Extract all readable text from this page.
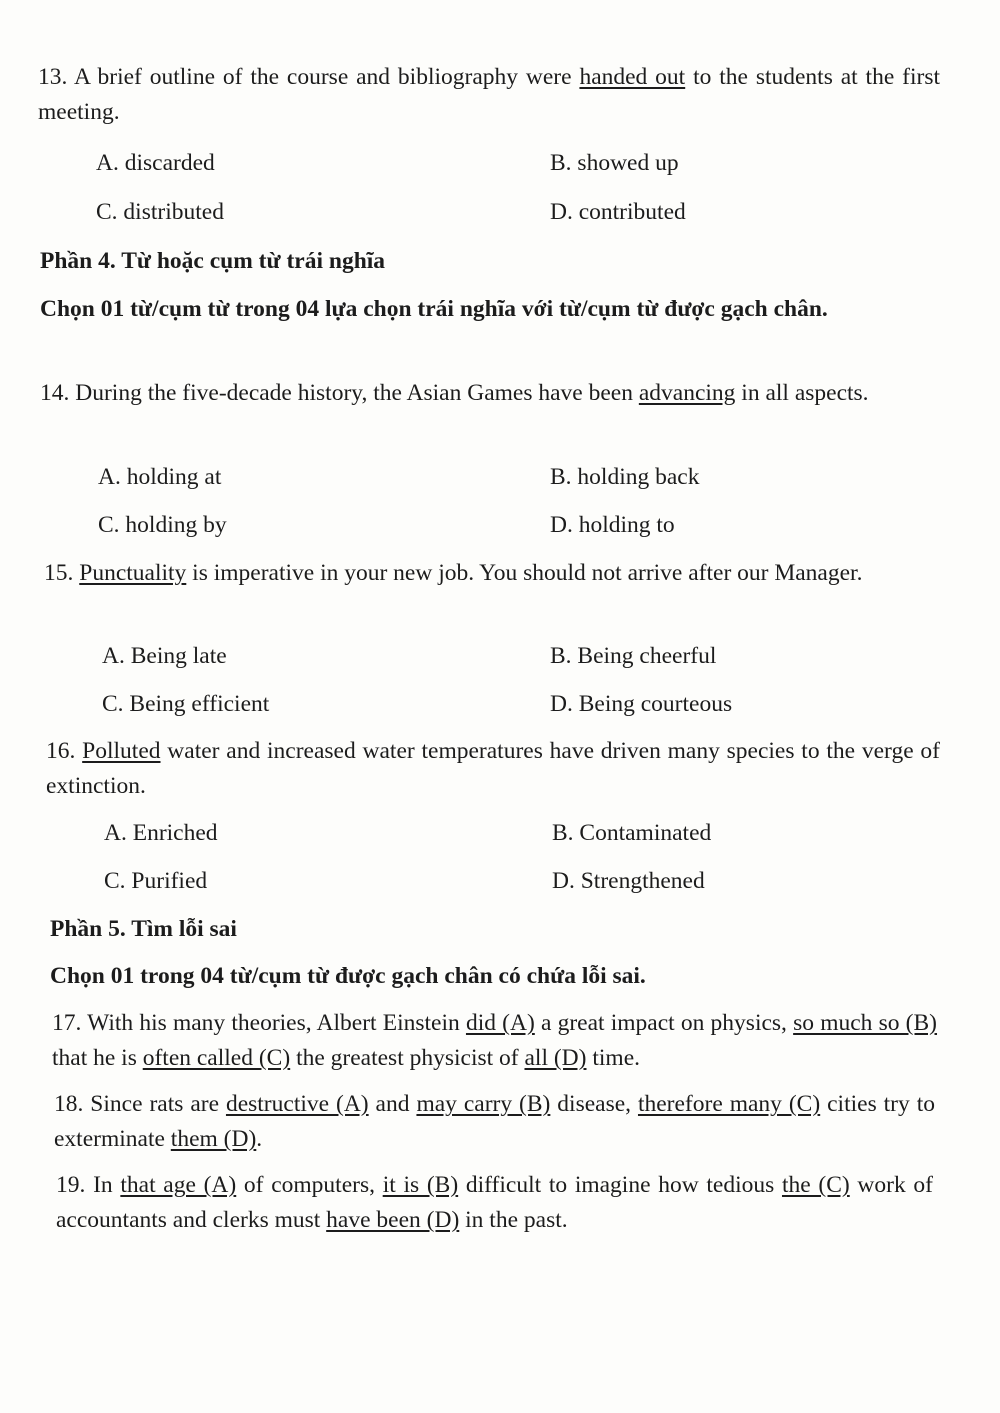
13. A brief outline of the course and bibliography were handed out to the students at the first meeting.
A. discarded	B. showed up
C. distributed	D. contributed
Phần 4. Từ hoặc cụm từ trái nghĩa
Chọn 01 từ/cụm từ trong 04 lựa chọn trái nghĩa với từ/cụm từ được gạch chân.
14. During the five-decade history, the Asian Games have been advancing in all aspects.
A. holding at	B. holding back
C. holding by	D. holding to
15. Punctuality is imperative in your new job. You should not arrive after our Manager.
A. Being late	B. Being cheerful
C. Being efficient	D. Being courteous
16. Polluted water and increased water temperatures have driven many species to the verge of extinction.
A. Enriched	B. Contaminated
C. Purified	D. Strengthened
Phần 5. Tìm lỗi sai
Chọn 01 trong 04 từ/cụm từ được gạch chân có chứa lỗi sai.
17. With his many theories, Albert Einstein did (A) a great impact on physics, so much so (B) that he is often called (C) the greatest physicist of all (D) time.
18. Since rats are destructive (A) and may carry (B) disease, therefore many (C) cities try to exterminate them (D).
19. In that age (A) of computers, it is (B) difficult to imagine how tedious the (C) work of accountants and clerks must have been (D) in the past.
